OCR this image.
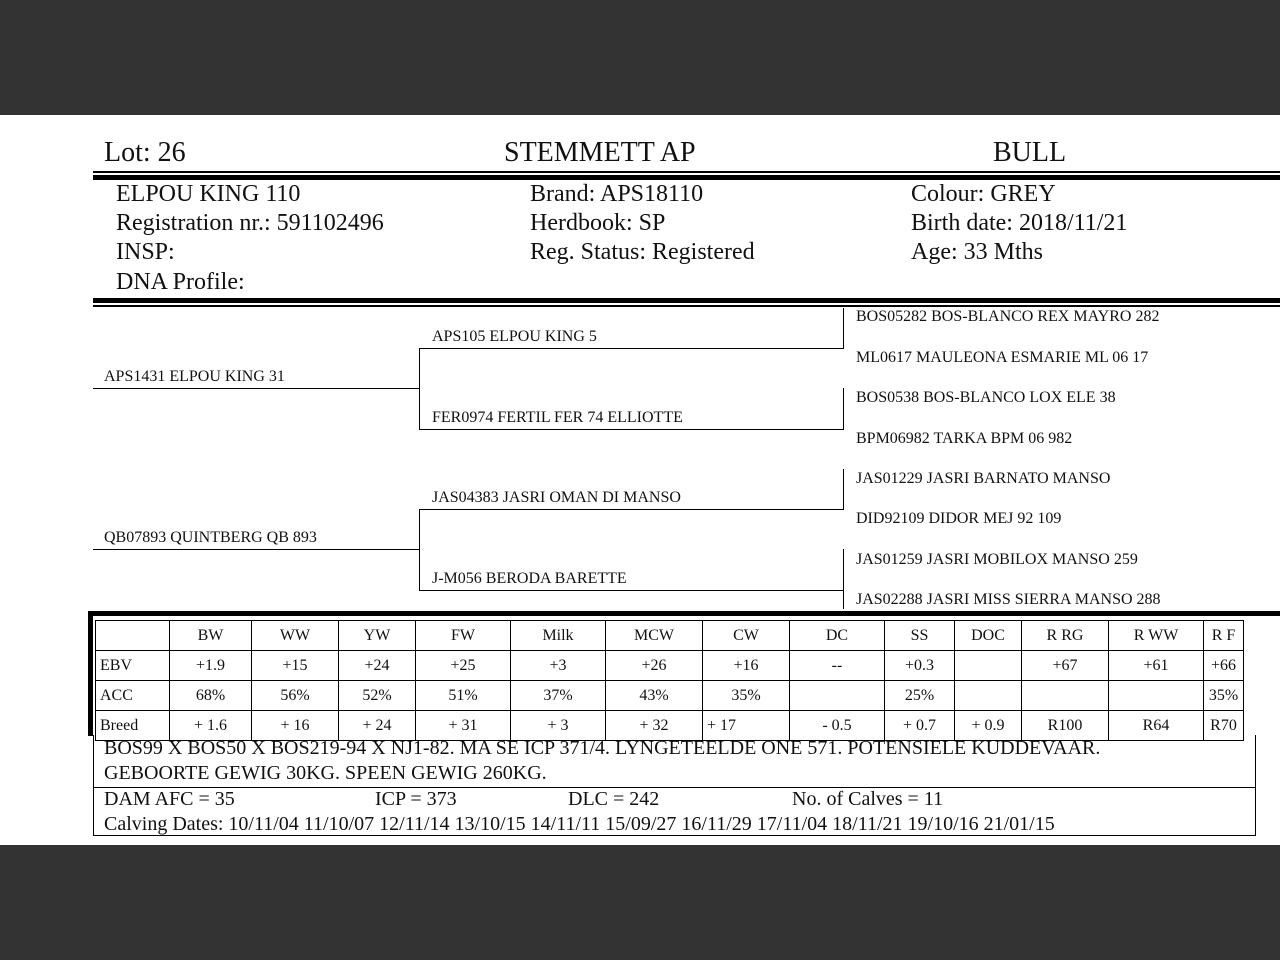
Lot: 26	STEMMETT AP	BULL
ELPOU KING 110
Registration nr.: 591102496
INSP:
DNA Profile:
Brand: APS18110
Herdbook: SP
Reg. Status: Registered
Colour: GREY
Birth date: 2018/11/21
Age: 33 Mths
APS1431 ELPOU KING 31
QB07893 QUINTBERG QB 893
APS105 ELPOU KING 5
FER0974 FERTIL FER 74 ELLIOTTE
JAS04383 JASRI OMAN DI MANSO
J-M056 BERODA BARETTE
BOS05282 BOS-BLANCO REX MAYRO 282
ML0617 MAULEONA ESMARIE ML 06 17
BOS0538 BOS-BLANCO LOX ELE 38
BPM06982 TARKA BPM 06 982
JAS01229 JASRI BARNATO MANSO
DID92109 DIDOR MEJ 92 109
JAS01259 JASRI MOBILOX MANSO 259
JAS02288 JASRI MISS SIERRA MANSO 288
	BW	WW	YW	FW	Milk	MCW	CW	DC	SS	DOC	R RG	R WW	R F
EBV	+1.9	+15	+24	+25	+3	+26	+16	--	+0.3		+67	+61	+66
ACC	68%	56%	52%	51%	37%	43%	35%		25%				35%
Breed	+ 1.6	+ 16	+ 24	+ 31	+ 3	+ 32	+ 17	- 0.5	+ 0.7	+ 0.9	R100	R64	R70
BOS99 X BOS50 X BOS219-94 X NJ1-82. MA SE ICP 371/4. LYNGETEELDE ONE 571. POTENSIELE KUDDEVAAR.
GEBOORTE GEWIG 30KG. SPEEN GEWIG 260KG.
DAM AFC = 35	ICP = 373	DLC = 242	No. of Calves = 11
Calving Dates: 10/11/04 11/10/07 12/11/14 13/10/15 14/11/11 15/09/27 16/11/29 17/11/04 18/11/21 19/10/16 21/01/15
